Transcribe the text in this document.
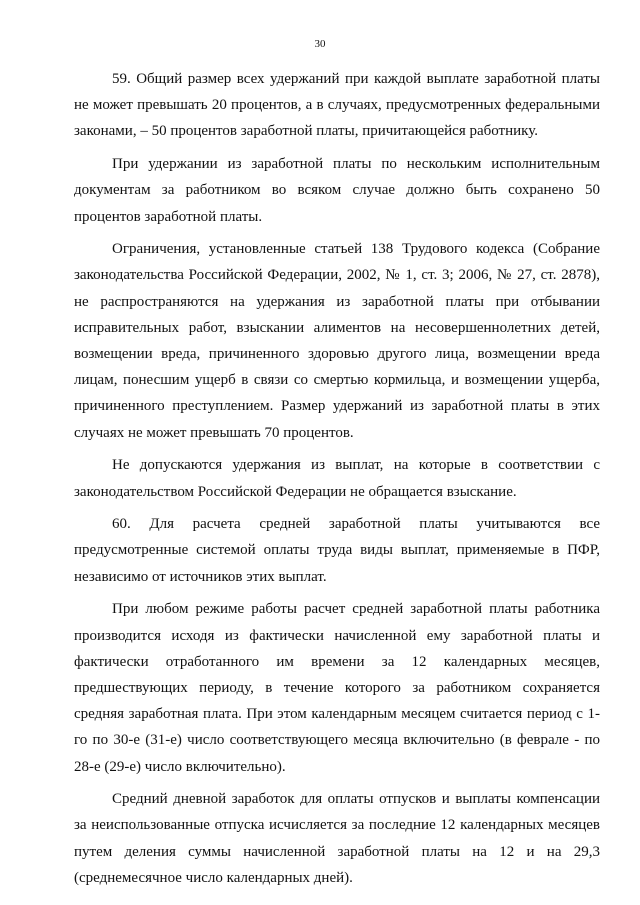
30

59. Общий размер всех удержаний при каждой выплате заработной платы не может превышать 20 процентов, а в случаях, предусмотренных федеральными законами, – 50 процентов заработной платы, причитающейся работнику.

При удержании из заработной платы по нескольким исполнительным документам за работником во всяком случае должно быть сохранено 50 процентов заработной платы.

Ограничения, установленные статьей 138 Трудового кодекса (Собрание законодательства Российской Федерации, 2002, № 1, ст. 3; 2006, № 27, ст. 2878), не распространяются на удержания из заработной платы при отбывании исправительных работ, взыскании алиментов на несовершеннолетних детей, возмещении вреда, причиненного здоровью другого лица, возмещении вреда лицам, понесшим ущерб в связи со смертью кормильца, и возмещении ущерба, причиненного преступлением. Размер удержаний из заработной платы в этих случаях не может превышать 70 процентов.

Не допускаются удержания из выплат, на которые в соответствии с законодательством Российской Федерации не обращается взыскание.

60. Для расчета средней заработной платы учитываются все предусмотренные системой оплаты труда виды выплат, применяемые в ПФР, независимо от источников этих выплат.

При любом режиме работы расчет средней заработной платы работника производится исходя из фактически начисленной ему заработной платы и фактически отработанного им времени за 12 календарных месяцев, предшествующих периоду, в течение которого за работником сохраняется средняя заработная плата. При этом календарным месяцем считается период с 1-го по 30-е (31-е) число соответствующего месяца включительно (в феврале - по 28-е (29-е) число включительно).

Средний дневной заработок для оплаты отпусков и выплаты компенсации за неиспользованные отпуска исчисляется за последние 12 календарных месяцев путем деления суммы начисленной заработной платы на 12 и на 29,3 (среднемесячное число календарных дней).
